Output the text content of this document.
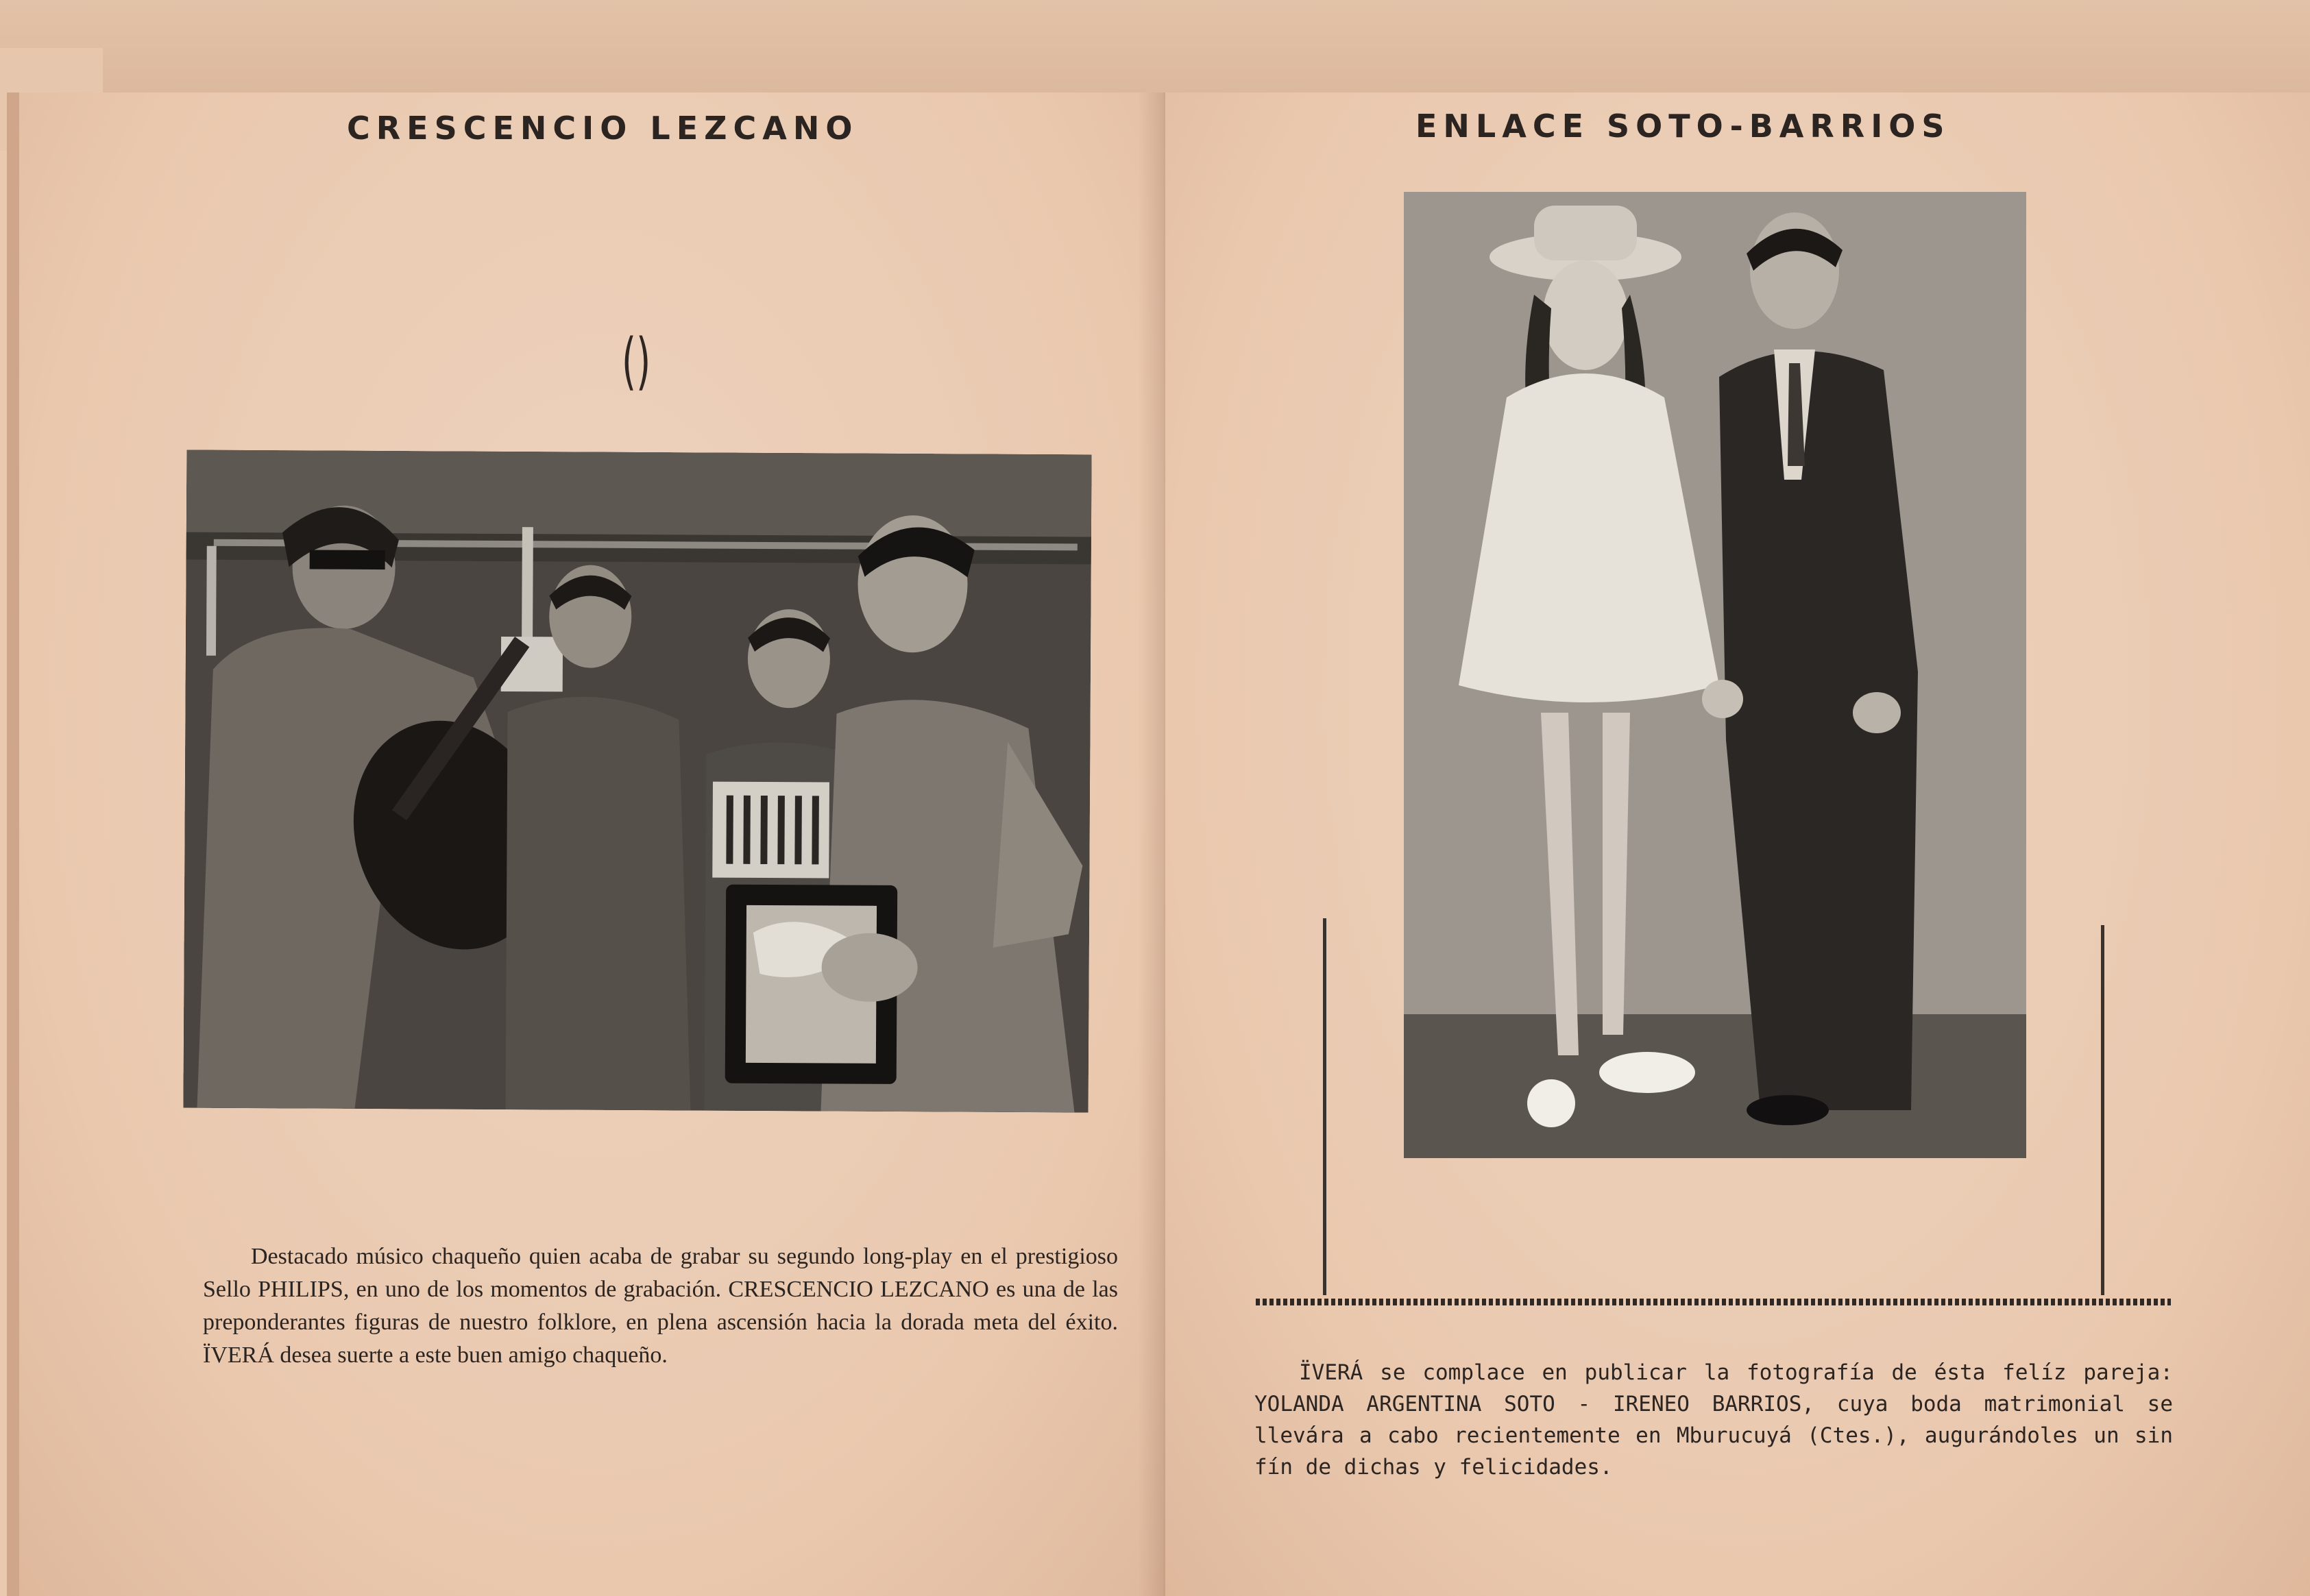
CRESCENCIO LEZCANO
()

Destacado músico chaqueño quien acaba de grabar su segundo long-play en el prestigioso Sello PHILIPS, en uno de los momentos de grabación. CRESCENCIO LEZCANO es una de las preponderantes figuras de nuestro folklore, en plena ascensión hacia la dorada meta del éxito. ÏVERÁ desea suerte a este buen amigo chaqueño.

ENLACE SOTO-BARRIOS

ÏVERÁ se complace en publicar la fotografía de ésta felíz pareja: YOLANDA ARGENTINA SOTO - IRENEO BARRIOS, cuya boda matrimonial se llevára a cabo recientemente en Mburucuyá (Ctes.), augurándoles un sin fín de dichas y felicidades.
